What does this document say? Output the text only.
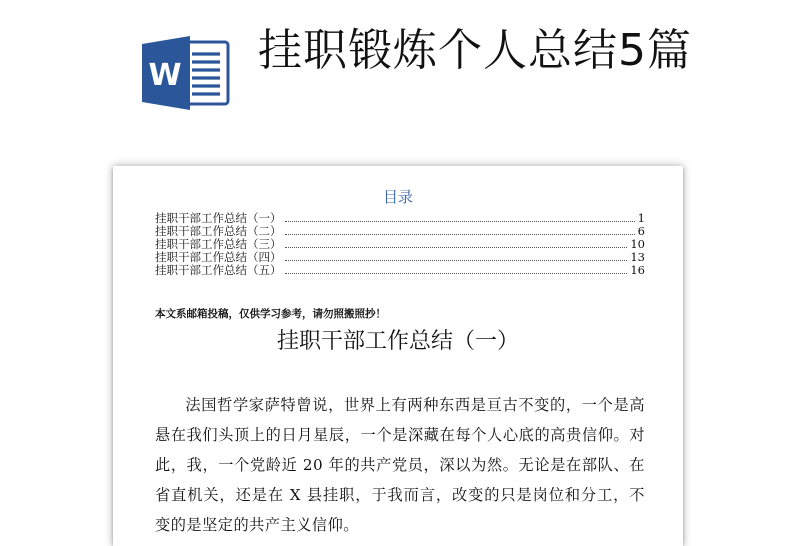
W 挂职锻炼个人总结5篇
目录
挂职干部工作总结（一）	1
挂职干部工作总结（二）	6
挂职干部工作总结（三）	10
挂职干部工作总结（四）	13
挂职干部工作总结（五）	16
本文系邮箱投稿，仅供学习参考，请勿照搬照抄！
挂职干部工作总结（一）
法国哲学家萨特曾说，世界上有两种东西是亘古不变的，一个是高悬在我们头顶上的日月星辰，一个是深藏在每个人心底的高贵信仰。对此，我，一个党龄近 20 年的共产党员，深以为然。无论是在部队、在省直机关，还是在 X 县挂职，于我而言，改变的只是岗位和分工，不变的是坚定的共产主义信仰。
